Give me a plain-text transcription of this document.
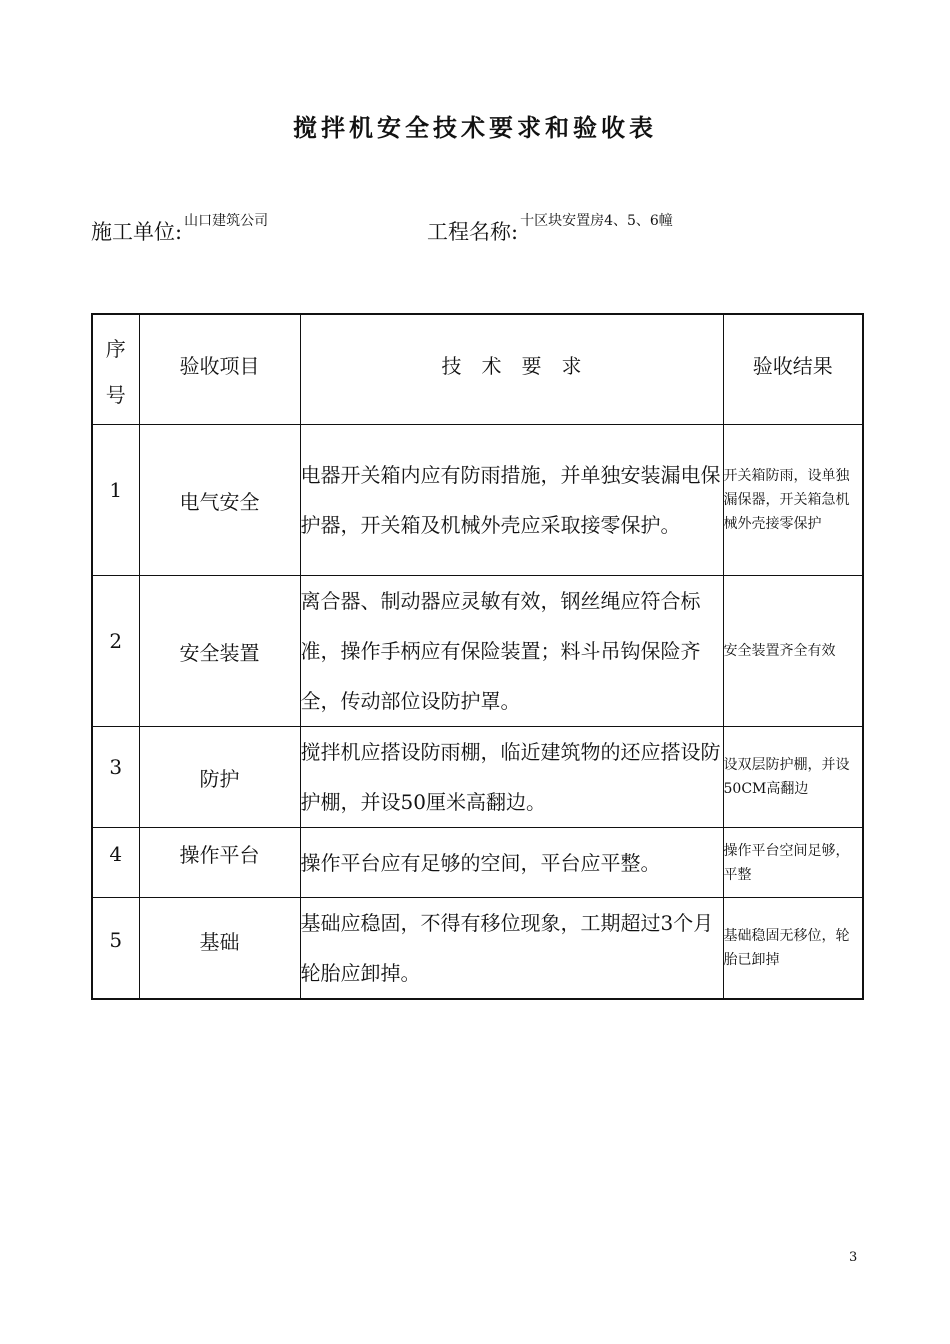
搅拌机安全技术要求和验收表
施工单位: 山口建筑公司	工程名称: 十区块安置房4、5、6幢
序
号	验收项目	技　术　要　求	验收结果
1	电气安全	电器开关箱内应有防雨措施，并单独安装漏电保护器，开关箱及机械外壳应采取接零保护。	开关箱防雨，设单独漏保器，开关箱急机械外壳接零保护
2	安全装置	离合器、制动器应灵敏有效，钢丝绳应符合标准，操作手柄应有保险装置；料斗吊钩保险齐全，传动部位设防护罩。	安全装置齐全有效
3	防护	搅拌机应搭设防雨棚，临近建筑物的还应搭设防护棚，并设50厘米高翻边。	设双层防护棚，并设50CM高翻边
4	操作平台	操作平台应有足够的空间，平台应平整。	操作平台空间足够，平整
5	基础	基础应稳固，不得有移位现象，工期超过3个月轮胎应卸掉。	基础稳固无移位，轮胎已卸掉
3
